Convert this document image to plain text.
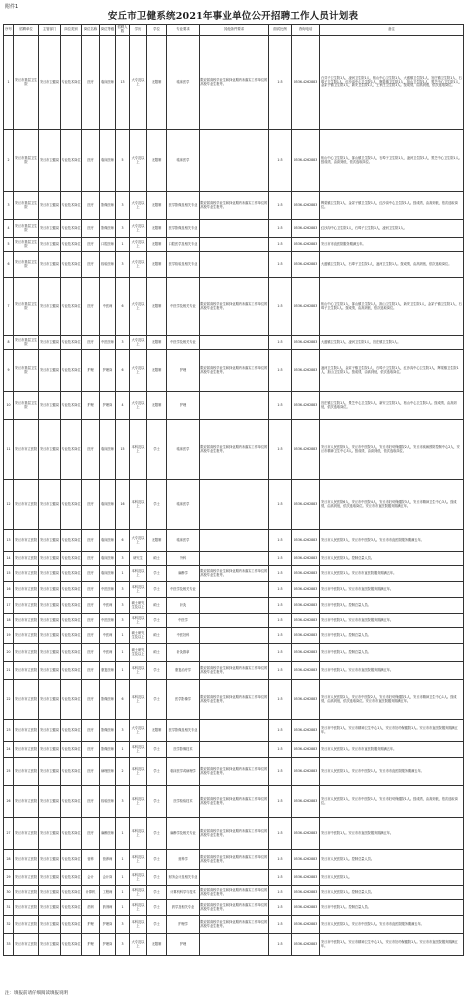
附件1
安丘市卫健系统2021年事业单位公开招聘工作人员计划表
序号	招聘单位	主管部门	岗位类别	岗位名称	岗位等级	招聘人数	学历	学位	专业要求	其他条件要求	面试比例	咨询电话	备注
1	安丘市基层卫生院	安丘市卫健局	专业技术岗位	医疗	临床医师	13	大专及以上	无限制	临床医学	限应届高校毕业生和择业期内未落实工作单位的高校毕业生报考。	1:3	0536-4262883	白芬子卫生院1人，凌河卫生院1人，柘山中心卫生院1人，大盛镇卫生院1人，官庄镇卫生院1人，石埠子卫生院1人，红沙沟中心卫生院1人，辉渠镇卫生院1人，担山卫生院1人，景芝中心卫生院1人，金冢子镇卫生院1人，新安卫生院1人，王家庄卫生院1人。按成绩，由高到低，依次选取岗位。
2	安丘市基层卫生院	安丘市卫健局	专业技术岗位	医疗	临床医师	5	大专及以上	无限制	临床医学		1:3	0536-4262883	柘山中心卫生院1人，郚山镇卫生院1人，石埠子卫生院1人，凌河卫生院1人，景芝中心卫生院1人。按成绩，由高到低，依次选取岗位。
3	安丘市基层卫生院	安丘市卫健局	专业技术岗位	医疗	影像医师	3	大专及以上	无限制	医学影像及相关专业	限应届高校毕业生和择业期内未落实工作单位的高校毕业生报考。	1:3	0536-4262883	辉渠镇卫生院1人，金冢子镇卫生院1人，红沙沟中心卫生院1人。按成绩，由高到低，依次选取岗位。
4	安丘市基层卫生院	安丘市卫健局	专业技术岗位	医疗	影像医师	3	大专及以上	无限制	医学影像及相关专业		1:3	0536-4262883	红沙沟中心卫生院1人，石埠子卫生院1人，凌河卫生院1人。
5	安丘市基层卫生院	安丘市卫健局	专业技术岗位	医疗	口腔医师	1	大专及以上	无限制	口腔医学及相关专业		1:3	0536-4262883	安丘市市直医院服务期满五年。
6	安丘市基层卫生院	安丘市卫健局	专业技术岗位	医疗	检验医师	3	大专及以上	无限制	医学检验及相关专业		1:3	0536-4262883	大盛镇卫生院1人，石埠子卫生院1人，凌河卫生院1人。按成绩，由高到低，依次选取岗位。
7	安丘市基层卫生院	安丘市卫健局	专业技术岗位	医疗	中医师	6	大专及以上	无限制	中医学及相关专业	限应届高校毕业生和择业期内未落实工作单位的高校毕业生报考。	1:3	0536-4262883	柘山中心卫生院1人，郚山镇卫生院1人，担山卫生院1人，新安卫生院1人，金冢子镇卫生院1人，石埠子卫生院1人。按成绩，由高到低，依次选取岗位。
8	安丘市基层卫生院	安丘市卫健局	专业技术岗位	医疗	中医医师	3	大专及以上	无限制	中医学及相关专业		1:3	0536-4262883	大盛镇卫生院1人，凌河卫生院1人，官庄镇卫生院1人。
9	安丘市基层卫生院	安丘市卫健局	专业技术岗位	护理	护理岗	6	大专及以上	无限制	护理	限应届高校毕业生和择业期内未落实工作单位的高校毕业生报考。	1:3	0536-4262883	凌河卫生院1人，金冢子镇卫生院1人，石埠子卫生院1人，红沙沟中心卫生院1人，辉渠镇卫生院1人，担山卫生院1人。按成绩，由高到低，依次选取岗位。
10	安丘市基层卫生院	安丘市卫健局	专业技术岗位	护理	护理岗	4	大专及以上	无限制	护理		1:3	0536-4262883	官庄镇卫生院1人，景芝中心卫生院1人，新安卫生院1人，柘山中心卫生院1人。按成绩，由高到低，依次选取岗位。
11	安丘市市立医院	安丘市卫健局	专业技术岗位	医疗	临床医师	15	本科及以上	学士	临床医学	限应届高校毕业生和择业期内未落实工作单位的高校毕业生报考。	1:3	0536-4262883	安丘市人民医院5人，安丘市中医院3人，安丘市妇幼保健院2人，安丘市疾病预防控制中心2人，安丘市精神卫生中心3人。按成绩，由高到低，依次选取岗位。
12	安丘市市立医院	安丘市卫健局	专业技术岗位	医疗	临床医师	16	本科及以上	学士	临床医学		1:3	0536-4262883	安丘市人民医院6人，安丘市中医院4人，安丘市妇幼保健院3人，安丘市精神卫生中心3人。按成绩，由高到低，依次选取岗位。安丘市市直医院服务期满五年。
13	安丘市市立医院	安丘市卫健局	专业技术岗位	医疗	临床医师	6	大专及以上	无限制	临床医学		1:3	0536-4262883	安丘市人民医院3人，安丘市中医院3人。安丘市市直医院服务期满五年。
14	安丘市市立医院	安丘市卫健局	专业技术岗位	医疗	临床医师	3	研究生	硕士	外科		1:3	0536-4262883	安丘市人民医院3人。控制总量人员。
15	安丘市市立医院	安丘市卫健局	专业技术岗位	医疗	临床医师	1	本科及以上	学士	麻醉学	限应届高校毕业生和择业期内未落实工作单位的高校毕业生报考。	1:3	0536-4262883	安丘市人民医院1人。安丘市市直医院服务期满五年。
16	安丘市市立医院	安丘市卫健局	专业技术岗位	医疗	中医医师	3	本科及以上	学士	中医学及相关专业		1:3	0536-4262883	安丘市中医院3人。安丘市市直医院服务期满五年。
17	安丘市市立医院	安丘市卫健局	专业技术岗位	医疗	中医师	3	硕士研究生及以上	硕士	针灸		1:3	0536-4262883	安丘市中医院3人。控制总量人员。
18	安丘市市立医院	安丘市卫健局	专业技术岗位	医疗	中医医师	3	本科及以上	学士	中医学		1:3	0536-4262883	安丘市中医院3人。安丘市市直医院服务期满五年。
19	安丘市市立医院	安丘市卫健局	专业技术岗位	医疗	中医师	1	硕士研究生及以上	硕士	中医妇科		1:3	0536-4262883	安丘市中医院1人。控制总量人员。
20	安丘市市立医院	安丘市卫健局	专业技术岗位	医疗	中医师	1	硕士研究生及以上	硕士	针灸推拿		1:3	0536-4262883	安丘市中医院1人。控制总量人员。
21	安丘市市立医院	安丘市卫健局	专业技术岗位	医疗	康复医师	1	本科及以上	学士	康复治疗学	限应届高校毕业生和择业期内未落实工作单位的高校毕业生报考。	1:3	0536-4262883	安丘市中医院1人。安丘市市直医院服务期满五年。
22	安丘市市立医院	安丘市卫健局	专业技术岗位	医疗	影像医师	6	本科及以上	学士	医学影像学	限应届高校毕业生和择业期内未落实工作单位的高校毕业生报考。	1:3	0536-4262883	安丘市人民医院2人，安丘市中医院2人，安丘市妇幼保健院1人，安丘市精神卫生中心1人。按成绩，由高到低，依次选取岗位。安丘市市直医院服务期满五年。
23	安丘市市立医院	安丘市卫健局	专业技术岗位	医疗	影像医师	3	大专及以上	无限制	医学影像及相关专业		1:3	0536-4262883	安丘市中医院1人，安丘市精神卫生中心1人，安丘市妇幼保健院1人。安丘市市直医院服务期满五年。
24	安丘市市立医院	安丘市卫健局	专业技术岗位	医疗	影像医师	1	本科及以上	学士	医学影像技术		1:3	0536-4262883	安丘市人民医院1人。安丘市市直医院服务期满五年。
25	安丘市市立医院	安丘市卫健局	专业技术岗位	医疗	病理医师	2	本科及以上	学士	临床医学或病理学	限应届高校毕业生和择业期内未落实工作单位的高校毕业生报考。	1:3	0536-4262883	安丘市人民医院1人，安丘市中医院1人。安丘市市直医院服务期满五年。
26	安丘市市立医院	安丘市卫健局	专业技术岗位	医疗	检验医师	3	本科及以上	学士	医学检验技术	限应届高校毕业生和择业期内未落实工作单位的高校毕业生报考。	1:3	0536-4262883	安丘市人民医院1人，安丘市中医院1人，安丘市妇幼保健院1人。按成绩，由高到低，依次选取岗位。
27	安丘市市立医院	安丘市卫健局	专业技术岗位	医疗	麻醉医师	1	本科及以上	学士	麻醉学及相关专业	限应届高校毕业生和择业期内未落实工作单位的高校毕业生报考。	1:3	0536-4262883	安丘市中医院1人。安丘市市直医院服务期满五年。
28	安丘市市立医院	安丘市卫健局	专业技术岗位	营养	营养师	1	本科及以上	学士	营养学	限应届高校毕业生和择业期内未落实工作单位的高校毕业生报考。	1:3	0536-4262883	安丘市人民医院1人。控制总量人员。
29	安丘市市立医院	安丘市卫健局	专业技术岗位	会计	会计岗	1	本科及以上	学士	财务会计及相关专业		1:3	0536-4262883	安丘市人民医院1人。
30	安丘市市立医院	安丘市卫健局	专业技术岗位	计算机	工程师	1	本科及以上	学士	计算机科学与技术	限应届高校毕业生和择业期内未落实工作单位的高校毕业生报考。	1:3	0536-4262883	安丘市人民医院1人。控制总量人员。
31	安丘市市立医院	安丘市卫健局	专业技术岗位	药剂	药剂师	1	本科及以上	学士	药学及相关专业	限应届高校毕业生和择业期内未落实工作单位的高校毕业生报考。	1:3	0536-4262883	安丘市中医院1人。控制总量人员。
32	安丘市市立医院	安丘市卫健局	专业技术岗位	护理	护理岗	3	本科及以上	学士	护理学	限应届高校毕业生和择业期内未落实工作单位的高校毕业生报考。	1:3	0536-4262883	安丘市人民医院2人，安丘市中医院1人。安丘市市直医院服务期满五年。
33	安丘市市立医院	安丘市卫健局	专业技术岗位	护理	护理岗	3	大专及以上	无限制	护理		1:3	0536-4262883	安丘市中医院1人，安丘市精神卫生中心1人，安丘市妇幼保健院1人。安丘市市直医院服务期满五年。
注：填报前请仔细阅读填报说明
